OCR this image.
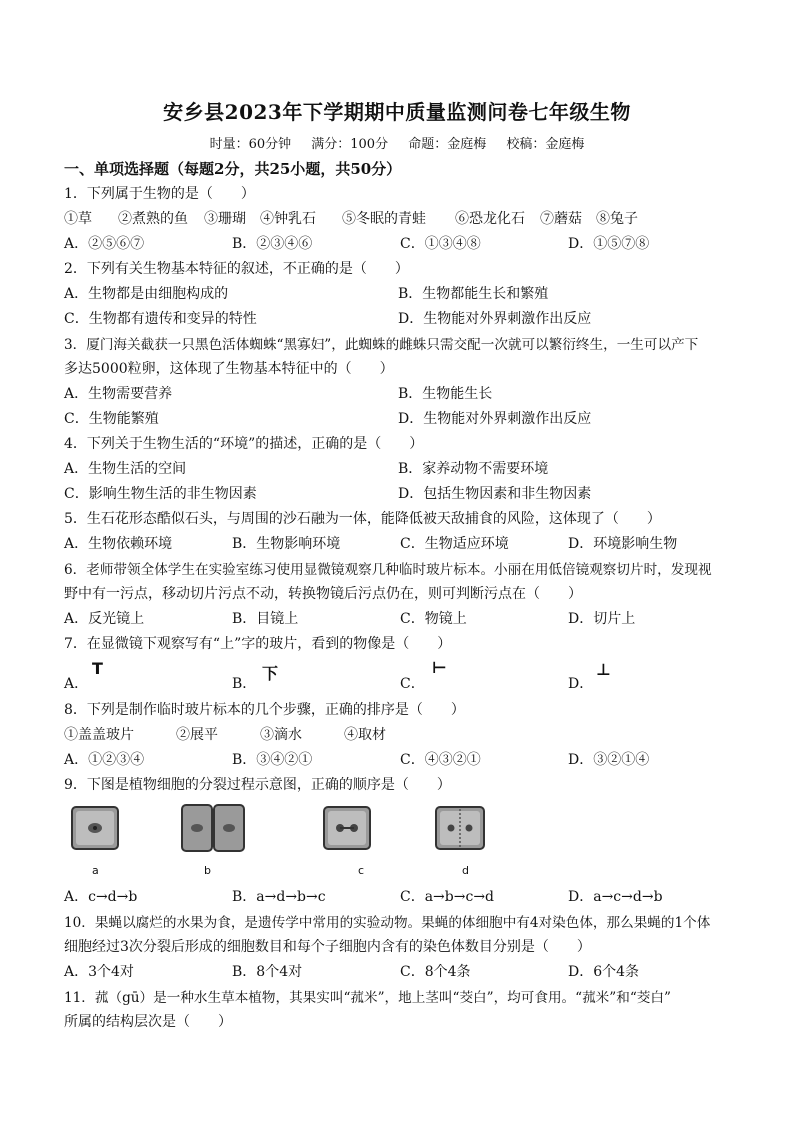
安乡县2023年下学期期中质量监测问卷七年级生物
时量：60分钟 满分：100分 命题：金庭梅 校稿：金庭梅
一、单项选择题（每题2分，共25小题，共50分）
1．下列属于生物的是（　　）
①草 ②煮熟的鱼 ③珊瑚 ④钟乳石 ⑤冬眠的青蛙 ⑥恐龙化石 ⑦蘑菇 ⑧兔子
A．②⑤⑥⑦	B．②③④⑥	C．①③④⑧	D．①⑤⑦⑧
2．下列有关生物基本特征的叙述，不正确的是（　　）
A．生物都是由细胞构成的	B．生物都能生长和繁殖
C．生物都有遗传和变异的特性	D．生物能对外界刺激作出反应
3．厦门海关截获一只黑色活体蜘蛛“黑寡妇”，此蜘蛛的雌蛛只需交配一次就可以繁衍终生，一生可以产下
多达5000粒卵，这体现了生物基本特征中的（　　）
A．生物需要营养	B．生物能生长
C．生物能繁殖	D．生物能对外界刺激作出反应
4．下列关于生物生活的“环境”的描述，正确的是（　　）
A．生物生活的空间	B．家养动物不需要环境
C．影响生物生活的非生物因素	D．包括生物因素和非生物因素
5．生石花形态酷似石头，与周围的沙石融为一体，能降低被天敌捕食的风险，这体现了（　　）
A．生物依赖环境	B．生物影响环境	C．生物适应环境	D．环境影响生物
6．老师带领全体学生在实验室练习使用显微镜观察几种临时玻片标本。小丽在用低倍镜观察切片时，发现视
野中有一污点，移动切片污点不动，转换物镜后污点仍在，则可判断污点在（　　）
A．反光镜上	B．目镜上	C．物镜上	D．切片上
7．在显微镜下观察写有“上”字的玻片，看到的物像是（　　）
A．	B．	C．	D．
T	下	⊢	⊥
8．下列是制作临时玻片标本的几个步骤，正确的排序是（　　）
①盖盖玻片	②展平	③滴水	④取材
A．①②③④	B．③④②①	C．④③②①	D．③②①④
9．下图是植物细胞的分裂过程示意图，正确的顺序是（　　）
a	b	c	d
A．c→d→b	B．a→d→b→c	C．a→b→c→d	D．a→c→d→b
10．果蝇以腐烂的水果为食，是遗传学中常用的实验动物。果蝇的体细胞中有4对染色体，那么果蝇的1个体
细胞经过3次分裂后形成的细胞数目和每个子细胞内含有的染色体数目分别是（　　）
A．3个4对	B．8个4对	C．8个4条	D．6个4条
11．菰（gū）是一种水生草本植物，其果实叫“菰米”，地上茎叫“茭白”，均可食用。“菰米”和“茭白”
所属的结构层次是（　　）
